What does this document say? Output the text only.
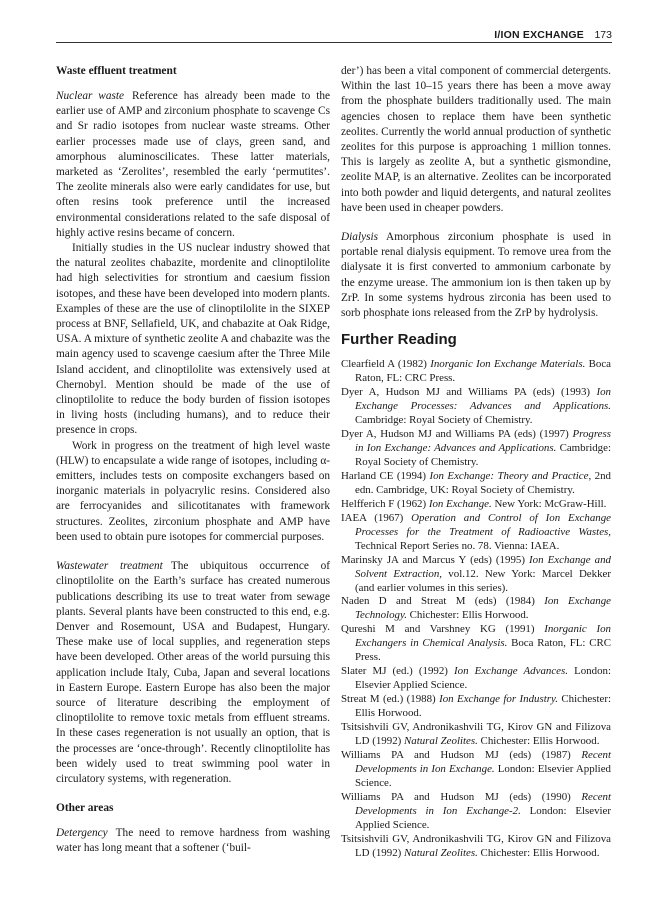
I/ION EXCHANGE 173
Waste effluent treatment

Nuclear waste Reference has already been made to the earlier use of AMP and zirconium phosphate to scavenge Cs and Sr radio isotopes from nuclear waste streams. Other earlier processes made use of clays, green sand, and amorphous aluminoscilicates. These latter materials, marketed as ‘Zerolites’, resembled the early ‘permutites’. The zeolite minerals also were early candidates for use, but often resins took preference until the increased environmental considerations related to the safe disposal of highly active resins became of concern.

Initially studies in the US nuclear industry showed that the natural zeolites chabazite, mordenite and clinoptilolite had high selectivities for strontium and caesium fission isotopes, and these have been developed into modern plants. Examples of these are the use of clinoptilolite in the SIXEP process at BNF, Sellafield, UK, and chabazite at Oak Ridge, USA. A mixture of synthetic zeolite A and chabazite was the main agency used to scavenge caesium after the Three Mile Island accident, and clinoptilolite was extensively used at Chernobyl. Mention should be made of the use of clinoptilolite to reduce the body burden of fission isotopes in living hosts (including humans), and to reduce their presence in crops.

Work in progress on the treatment of high level waste (HLW) to encapsulate a wide range of isotopes, including α-emitters, includes tests on composite exchangers based on inorganic materials in polyacrylic resins. Considered also are ferrocyanides and silicotitanates with framework structures. Zeolites, zirconium phosphate and AMP have been used to obtain pure isotopes for commercial purposes.

Wastewater treatment The ubiquitous occurrence of clinoptilolite on the Earth’s surface has created numerous publications describing its use to treat water from sewage plants. Several plants have been constructed to this end, e.g. Denver and Rosemount, USA and Budapest, Hungary. These make use of local supplies, and regeneration steps have been developed. Other areas of the world pursuing this application include Italy, Cuba, Japan and several locations in Eastern Europe. Eastern Europe has also been the major source of literature describing the employment of clinoptilolite to remove toxic metals from effluent streams. In these cases regeneration is not usually an option, that is the processes are ‘once-through’. Recently clinoptilolite has been widely used to treat swimming pool water in circulatory systems, with regeneration.

Other areas

Detergency The need to remove hardness from washing water has long meant that a softener (‘buil-

der’) has been a vital component of commercial detergents. Within the last 10–15 years there has been a move away from the phosphate builders traditionally used. The main agencies chosen to replace them have been synthetic zeolites. Currently the world annual production of synthetic zeolites for this purpose is approaching 1 million tonnes. This is largely as zeolite A, but a synthetic gismondine, zeolite MAP, is an alternative. Zeolites can be incorporated into both powder and liquid detergents, and natural zeolites have been used in cheaper powders.

Dialysis Amorphous zirconium phosphate is used in portable renal dialysis equipment. To remove urea from the dialysate it is first converted to ammonium carbonate by the enzyme urease. The ammonium ion is then taken up by ZrP. In some systems hydrous zirconia has been used to sorb phosphate ions released from the ZrP by hydrolysis.

Further Reading

Clearfield A (1982) Inorganic Ion Exchange Materials. Boca Raton, FL: CRC Press.

Dyer A, Hudson MJ and Williams PA (eds) (1993) Ion Exchange Processes: Advances and Applications. Cambridge: Royal Society of Chemistry.

Dyer A, Hudson MJ and Williams PA (eds) (1997) Progress in Ion Exchange: Advances and Applications. Cambridge: Royal Society of Chemistry.

Harland CE (1994) Ion Exchange: Theory and Practice, 2nd edn. Cambridge, UK: Royal Society of Chemistry.

Helfferich F (1962) Ion Exchange. New York: McGraw-Hill.

IAEA (1967) Operation and Control of Ion Exchange Processes for the Treatment of Radioactive Wastes, Technical Report Series no. 78. Vienna: IAEA.

Marinsky JA and Marcus Y (eds) (1995) Ion Exchange and Solvent Extraction, vol.12. New York: Marcel Dekker (and earlier volumes in this series).

Naden D and Streat M (eds) (1984) Ion Exchange Technology. Chichester: Ellis Horwood.

Qureshi M and Varshney KG (1991) Inorganic Ion Exchangers in Chemical Analysis. Boca Raton, FL: CRC Press.

Slater MJ (ed.) (1992) Ion Exchange Advances. London: Elsevier Applied Science.

Streat M (ed.) (1988) Ion Exchange for Industry. Chichester: Ellis Horwood.

Tsitsishvili GV, Andronikashvili TG, Kirov GN and Filizova LD (1992) Natural Zeolites. Chichester: Ellis Horwood.

Williams PA and Hudson MJ (eds) (1987) Recent Developments in Ion Exchange. London: Elsevier Applied Science.

Williams PA and Hudson MJ (eds) (1990) Recent Developments in Ion Exchange-2. London: Elsevier Applied Science.

Tsitsishvili GV, Andronikashvili TG, Kirov GN and Filizova LD (1992) Natural Zeolites. Chichester: Ellis Horwood.
